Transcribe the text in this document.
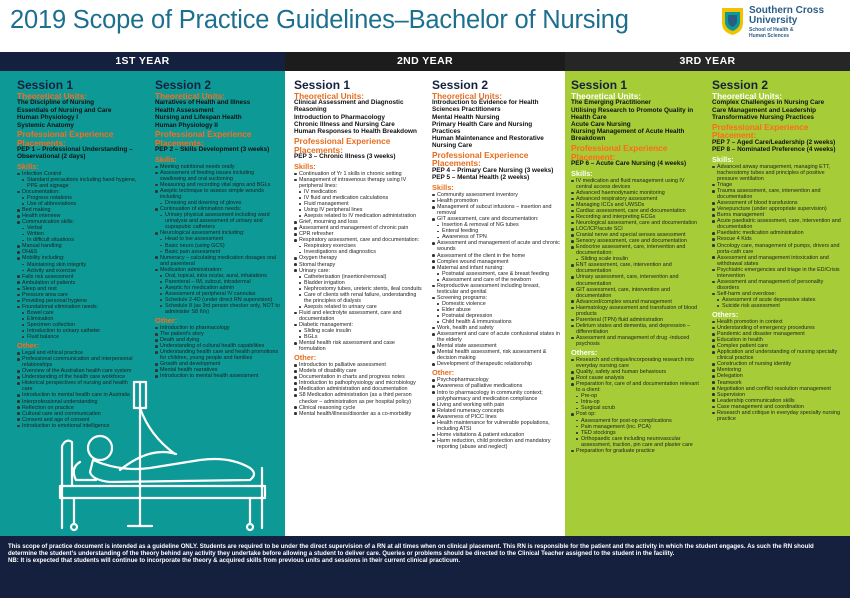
2019 Scope of Practice Guidelines–Bachelor of Nursing	Southern Cross
University
School of Health & Human Sciences
1ST YEAR	2ND YEAR	3RD YEAR
Session 1
Theoretical Units:
The Discipline of Nursing
Essentials of Nursing and Care
Human Physiology I
Systemic Anatomy
Professional Experience Placements:
PEP 1 – Professional Understanding – Observational (2 days)
Skills:
Infection Control
Standard precautions including hand hygiene, PPE and signage
Documentation:
Progress notations
Use of abbreviations
Bed making
Health interview
Communication skills:
Verbal
Written
In difficult situations
Manual handling
OH&S
Mobility including:
Maintaining skin integrity
Activity and exercise
Falls risk assessment
Ambulation of patients
Sleep and rest
Pressure area care
Providing personal hygiene
Foundational elimination needs:
Bowel care
Elimination
Specimen collection
Introduction to urinary catheter
Fluid balance
Other:
Legal and ethical practice
Professional communication and interpersonal relationships
Overview of the Australian health care system
Understanding of the health care workforce
Historical perspectives of nursing and health care
Introduction to mental health care in Australia
Interprofessional understanding
Reflection on practice
Cultural care and communication
Consent and age of consent
Introduction to emotional intelligence
Session 2
Theoretical Units:
Narratives of Health and Illness
Health Assessment
Nursing and Lifespan Health
Human Physiology II
Professional Experience Placements:
PEP 2 – Skills Development (3 weeks)
Skills:
Meeting nutritional needs orally
Assessment of feeding issues including swallowing and oral suctioning
Measuring and recording vital signs and BGLs
Aseptic technique to assess simple wounds including:
Dressing and downing of gloves
Continuation of elimination needs:
Urinary physical assessment including ward urinalysis and assessment of urinary and suprapubic catheters
Neurological assessment including:
Head to toe assessment
Basic neuro (using GCS)
Basic pain assessment
Numeracy – calculating medication dosages oral and parenteral
Medication administration:
Oral, topical, intra ocular, aural, inhalations
Parenteral – IM, subcut, intradermal
Aseptic for medication admin
Assessment of peripheral IV cannulas
Schedule 2-4D (under direct RN supervision)
Schedule 8 (as 3rd person checker only, NOT to administer S8 IVs)
Other:
Introduction to pharmacology
The patient's story
Death and dying
Understanding of cultural health capabilities
Understanding health care and health promotions for children, young people and families
Growth and development
Mental health narratives
Introduction to mental health assessment
Session 1
Theoretical Units:
Clinical Assessment and Diagnostic Reasoning
Introduction to Pharmacology
Chronic Illness and Nursing Care
Human Responses to Health Breakdown
Professional Experience Placements:
PEP 3 – Chronic Illness (3 weeks)
Skills:
Continuation of Yr 1 skills in chronic setting
Management of intravenous therapy using IV peripheral lines:
IV medication
IV fluid and medication calculations
Fluid management
Using IV peripheral lines
Asepsis related to IV medication administration
Grief, mourning and loss
Assessment and management of chronic pain
CPR refresher
Respiratory assessment, care and documentation:
Respiratory exercises
Investigations and diagnostics
Oxygen therapy
Stomal therapy
Urinary care:
Catheterisation (insertion/removal)
Bladder irrigation
Nephrostomy tubes, ureteric stents, ileal conduits
Care of clients with renal failure, understanding the principles of dialysis
Asepsis related to urinary care
Fluid and electrolyte assessment, care and documentation
Diabetic management:
Sliding scale insulin
BGLs
Mental health risk assessment and case formulation
Other:
Introduction to palliative assessment
Models of disability care
Documentation in charts and progress notes
Introduction to pathophysiology and microbiology
Medication administration and documentation
S8 Medication administration (as a third person checker – administration as per hospital policy)
Clinical reasoning cycle
Mental health/illness/disorder as a co-morbidity
Session 2
Theoretical Units:
Introduction to Evidence for Health Sciences Practitioners
Mental Health Nursing
Primary Health Care and Nursing Practices
Human Maintenance and Restorative Nursing Care
Professional Experience Placements:
PEP 4 – Primary Care Nursing (3 weeks)
PEP 5 – Mental Health (2 weeks)
Skills:
Community assessment inventory
Health promotion
Management of subcut infusions – insertion and removal
GIT assessment, care and documentation:
Insertion & removal of NG tubes
Enteral feeding
Awareness of TPN
Assessment and management of acute and chronic wounds
Assessment of the client in the home
Complex wound management
Maternal and infant nursing:
Postnatal assessment, care & breast feeding
Assessment and care of the newborn
Reproductive assessment including breast, testicular and genital
Screening programs:
Domestic violence
Elder abuse
Postnatal depression
Child health & immunisations
Work, health and safety
Assessment and care of acute confusional states in the elderly
Mental state assessment
Mental health assessment, risk assessment & decision making
Development of therapeutic relationship
Other:
Psychopharmacology
Awareness of palliative medications
Intro to pharmacology in community context; polypharmacy and medication compliance
Living and working with pain
Related numeracy concepts
Awareness of PICC lines
Health maintenance for vulnerable populations, including ATSI
Home visitations & patient education
Harm reduction, child protection and mandatory reporting (abuse and neglect)
Session 1
Theoretical Units:
The Emerging Practitioner
Utilising Research to Promote Quality in Health Care
Acute Care Nursing
Nursing Management of Acute Health Breakdown
Professional Experience Placement:
PEP 6 – Acute Care Nursing (4 weeks)
Skills:
IV medication and fluid management using IV central access devices
Advanced haemodynamic monitoring
Advanced respiratory assessment
Managing ICCs and UWSDs
Cardiac assessment, care and documentation
Recording and interpreting ECGs
Neurological assessment, care and documentation
LOC/ICP/acute SCI
Cranial nerve and special senses assessment
Sensory assessment, care and documentation
Endocrine assessment, care, intervention and documentation:
Sliding scale insulin
ENT assessment, care, intervention and documentation
Urinary assessment, care, intervention and documentation
GIT assessment, care, intervention and documentation
Advanced/complex wound management
Haematology assessment and transfusion of blood products
Parenteral (TPN) fluid administration
Delirium states and dementia, and depression – differentiation
Assessment and management of drug -induced psychosis
Others:
Research and critique/incorporating research into everyday nursing care
Quality, safety and human behaviours
Root cause analysis
Preparation for, care of and documentation relevant to a client:
Pre-op
Intra-op
Surgical scrub
Post op:
Assessment for post-op complications
Pain management (inc. PCA)
TED stockings
Orthopaedic care including neurovascular assessment, traction, pin care and plaster care
Preparation for graduate practice
Session 2
Theoretical Units:
Complex Challenges in Nursing Care
Care Management and Leadership
Transformative Nursing Practices
Professional Experience Placement:
PEP 7 – Aged Care/Leadership (2 weeks)
PEP 8 – Nominated Preference (4 weeks)
Skills:
Advanced airway management, managing ETT, tracheostomy tubes and principles of positive pressure ventilation
Triage
Trauma assessment, care, intervention and documentation
Assessment of blood transfusions
Venepuncture (under appropriate supervision)
Burns management
Acute paediatric assessment, care, intervention and documentation
Paediatric medication administration
Rescue 4 Kids
Oncology care, management of pumps, drivers and porta-cath care
Assessment and management intoxication and withdrawal states
Psychiatric emergencies and triage in the ED/Crisis intervention
Assessment and management of personality disorders
Self-harm and overdose:
Assessment of acute depressive states
Suicide risk assessment
Others:
Health promotion in context
Understanding of emergency procedures
Pandemic and disaster management
Education in health
Complex patient care
Application and understanding of nursing specialty clinical practice
Construction of nursing identity
Mentoring
Delegation
Teamwork
Negotiation and conflict resolution management
Supervision
Leadership communication skills
Case management and coordination
Research and critique in everyday specialty nursing practice
This scope of practice document is intended as a guideline ONLY. Students are required to be under the direct supervision of a RN at all times when on clinical placement. This RN is responsible for the patient and the activity in which the student engages. As such the RN should determine the student’s understanding of the theory behind any activity they undertake before allowing a student to deliver care. Queries or problems should be directed to the Clinical Teacher assigned to the student in the facility.
NB: It is expected that students will continue to incorporate the theory & acquired skills from previous units and sessions in their current clinical practicum.
